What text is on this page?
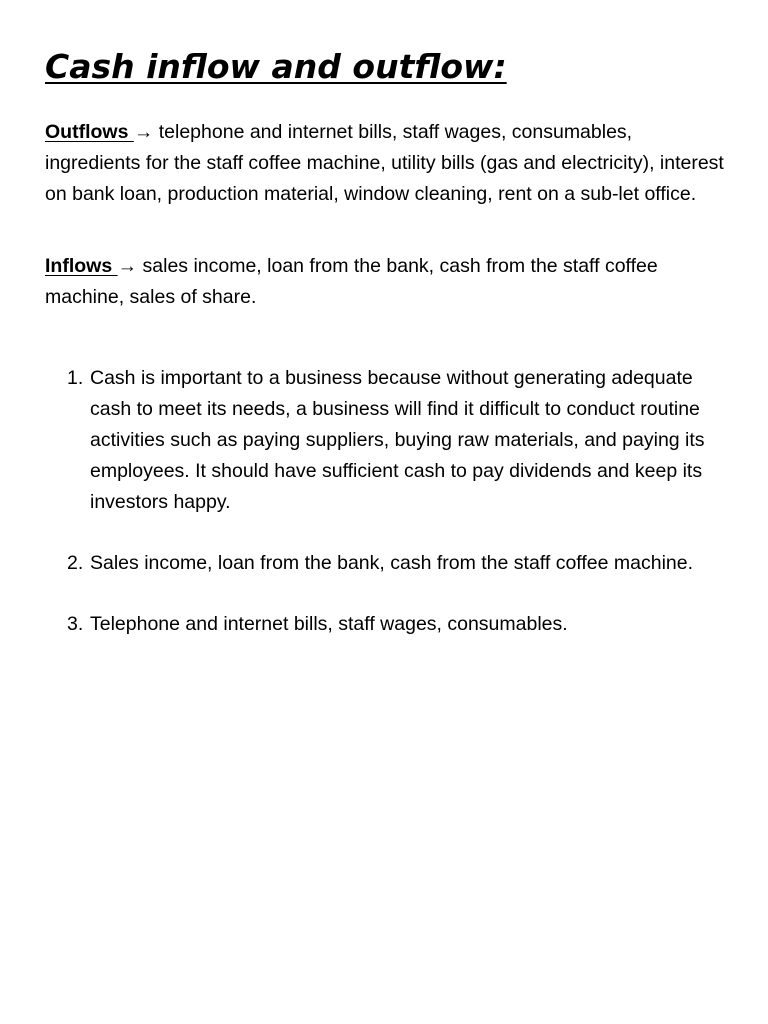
Cash inflow and outflow:

Outflows → telephone and internet bills, staff wages, consumables, ingredients for the staff coffee machine, utility bills (gas and electricity), interest on bank loan, production material, window cleaning, rent on a sub-let office.

Inflows → sales income, loan from the bank, cash from the staff coffee machine, sales of share.

1. Cash is important to a business because without generating adequate cash to meet its needs, a business will find it difficult to conduct routine activities such as paying suppliers, buying raw materials, and paying its employees. It should have sufficient cash to pay dividends and keep its investors happy.
2. Sales income, loan from the bank, cash from the staff coffee machine.
3. Telephone and internet bills, staff wages, consumables.
